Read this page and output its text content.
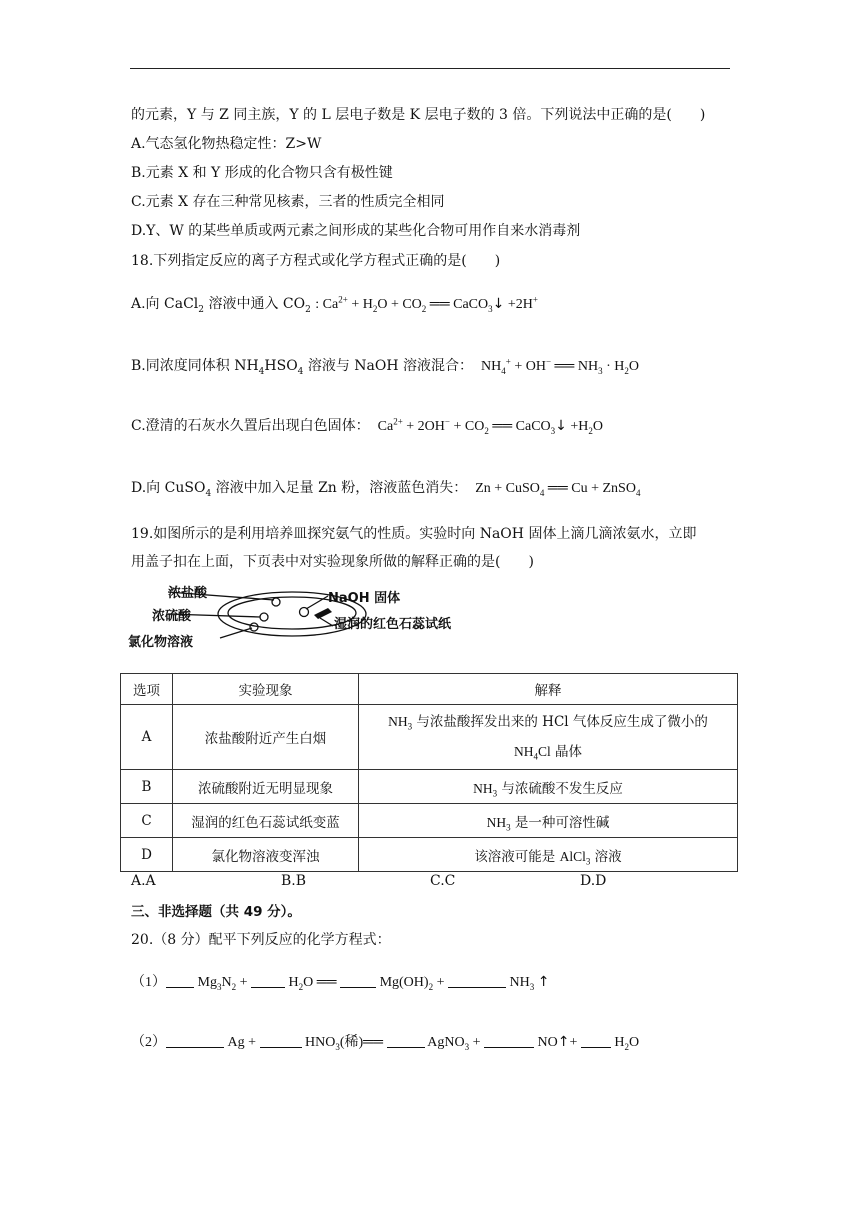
的元素，Y 与 Z 同主族，Y 的 L 层电子数是 K 层电子数的 3 倍。下列说法中正确的是(　　)
A.气态氢化物热稳定性：Z>W
B.元素 X 和 Y 形成的化合物只含有极性键
C.元素 X 存在三种常见核素，三者的性质完全相同
D.Y、W 的某些单质或两元素之间形成的某些化合物可用作自来水消毒剂
18.下列指定反应的离子方程式或化学方程式正确的是(　　)
A.向 CaCl$_2$ 溶液中通入 $CO_2$ : $Ca^{2+} + H_2O + CO_2$ ══ CaCO$_3$↓ +2H+
B.同浓度同体积 $NH_4HSO_4$ 溶液与 NaOH 溶液混合：  $NH_4^+ + OH^-$ ══ $NH_3 \cdot H_2O$
C.澄清的石灰水久置后出现白色固体：  $Ca^{2+} + 2OH^- + CO_2$ ══ CaCO$_3$↓ $+H_2O$
D.向 CuSO$_4$ 溶液中加入足量 Zn 粉，溶液蓝色消失：  Zn + CuSO$_4$ ══ Cu + ZnSO$_4$
19.如图所示的是利用培养皿探究氨气的性质。实验时向 NaOH 固体上滴几滴浓氨水，立即
用盖子扣在上面，下页表中对实验现象所做的解释正确的是(　　)
浓盐酸
浓硫酸
氯化物溶液
NaOH 固体
湿润的红色石蕊试纸
选项	实验现象	解释
A	浓盐酸附近产生白烟	$NH_3$ 与浓盐酸挥发出来的 HCl 气体反应生成了微小的
$NH_4Cl$ 晶体
B	浓硫酸附近无明显现象	$NH_3$ 与浓硫酸不发生反应
C	湿润的红色石蕊试纸变蓝	$NH_3$ 是一种可溶性碱
D	氯化物溶液变浑浊	该溶液可能是 AlCl$_3$ 溶液
A.A	B.B	C.C	D.D
三、非选择题（共 49 分）。
20.（8 分）配平下列反应的化学方程式：
（1） $Mg_3N_2 + H_2O$ ══	$Mg(OH)_2$ +	$NH_3$ ↑
（2）	Ag +	$HNO_3$(稀)══	AgNO$_3$ +	NO↑+  $H_2O$
